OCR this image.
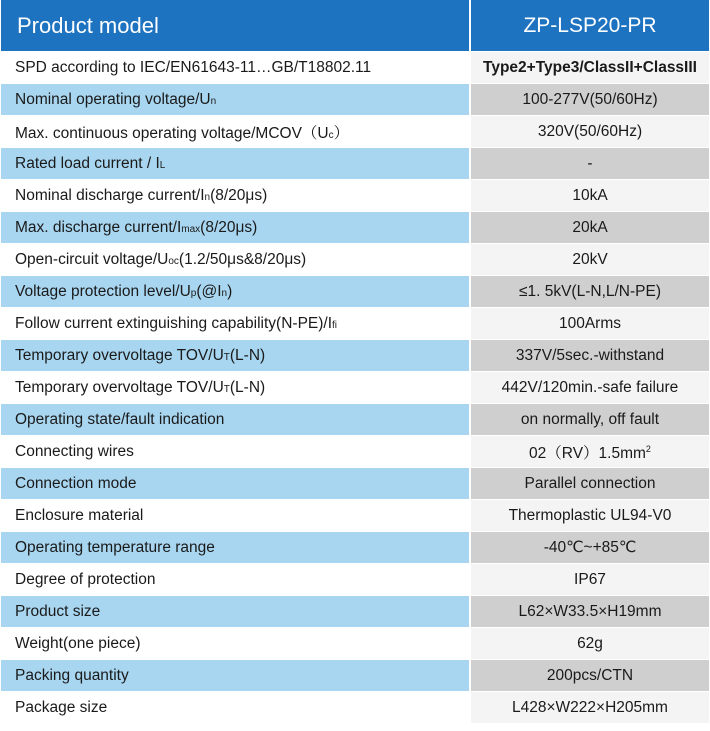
Product model	ZP-LSP20-PR
SPD according to IEC/EN61643-11…GB/T18802.11	Type2+Type3/ClassII+ClassIII
Nominal operating voltage/Un	100-277V(50/60Hz)
Max. continuous operating voltage/MCOV（Uc）	320V(50/60Hz)
Rated load current / IL	-
Nominal discharge current/In(8/20μs)	10kA
Max. discharge current/Imax(8/20μs)	20kA
Open-circuit voltage/Uoc(1.2/50μs&8/20μs)	20kV
Voltage protection level/Up(@In)	≤1. 5kV(L-N,L/N-PE)
Follow current extinguishing capability(N-PE)/Ifi	100Arms
Temporary overvoltage TOV/UT(L-N)	337V/5sec.-withstand
Temporary overvoltage TOV/UT(L-N)	442V/120min.-safe failure
Operating state/fault indication	on normally, off fault
Connecting wires	$02(RV)1.5mm^2$
Connection mode	Parallel connection
Enclosure material	Thermoplastic UL94-V0
Operating temperature range	-40℃~+85℃
Degree of protection	IP67
Product size	L62×W33.5×H19mm
Weight(one piece)	62g
Packing quantity	200pcs/CTN
Package size	L428×W222×H205mm
